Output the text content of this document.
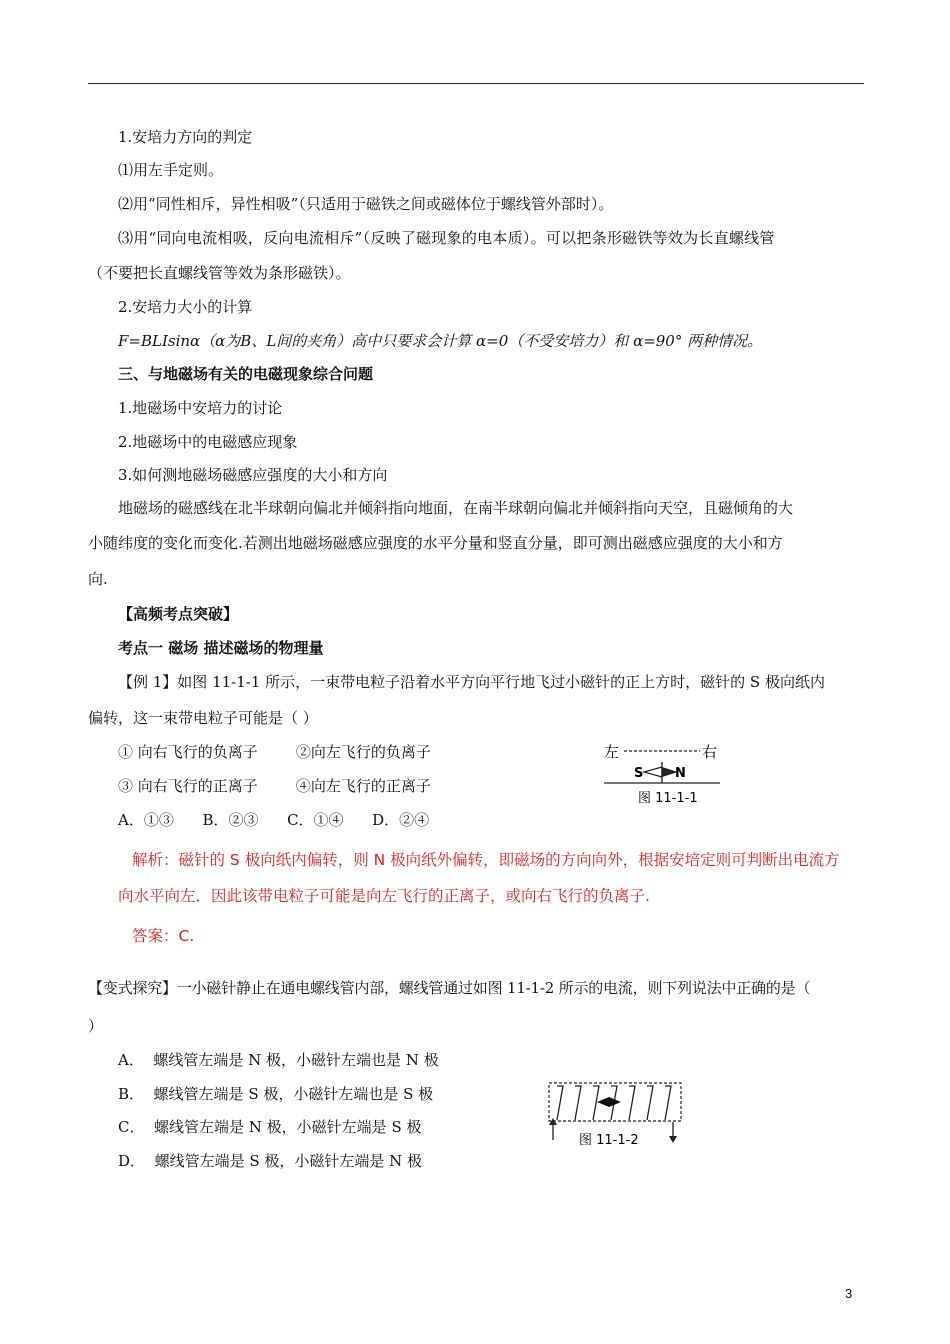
1.安培力方向的判定
⑴用左手定则。
⑵用“同性相斥，异性相吸”（只适用于磁铁之间或磁体位于螺线管外部时）。
⑶用“同向电流相吸，反向电流相斥”（反映了磁现象的电本质）。可以把条形磁铁等效为长直螺线管
（不要把长直螺线管等效为条形磁铁）。
2.安培力大小的计算
F=BLIsinα（α为B、L间的夹角）高中只要求会计算 α=0（不受安培力）和 α=90° 两种情况。
三、与地磁场有关的电磁现象综合问题
1.地磁场中安培力的讨论
2.地磁场中的电磁感应现象
3.如何测地磁场磁感应强度的大小和方向
地磁场的磁感线在北半球朝向偏北并倾斜指向地面，在南半球朝向偏北并倾斜指向天空，且磁倾角的大
小随纬度的变化而变化.若测出地磁场磁感应强度的水平分量和竖直分量，即可测出磁感应强度的大小和方
向.
【高频考点突破】
考点一 磁场 描述磁场的物理量
【例 1】如图 11-1-1 所示，一束带电粒子沿着水平方向平行地飞过小磁针的正上方时，磁针的 S 极向纸内
偏转，这一束带电粒子可能是（ ）
① 向右飞行的负离子        ②向左飞行的负离子
③ 向右飞行的正离子        ④向左飞行的正离子
A．①③      B．②③      C．①④      D．②④
左	右
S N
图 11-1-1
解析：磁针的 S 极向纸内偏转，则 N 极向纸外偏转，即磁场的方向向外，根据安培定则可判断出电流方
向水平向左．因此该带电粒子可能是向左飞行的正离子，或向右飞行的负离子.
答案：C.
【变式探究】一小磁针静止在通电螺线管内部，螺线管通过如图 11-1-2 所示的电流，则下列说法中正确的是（
）
A．  螺线管左端是 N 极，小磁针左端也是 N 极
B．  螺线管左端是 S 极，小磁针左端也是 S 极
C．  螺线管左端是 N 极，小磁针左端是 S 极
D．  螺线管左端是 S 极，小磁针左端是 N 极
图 11-1-2
3
